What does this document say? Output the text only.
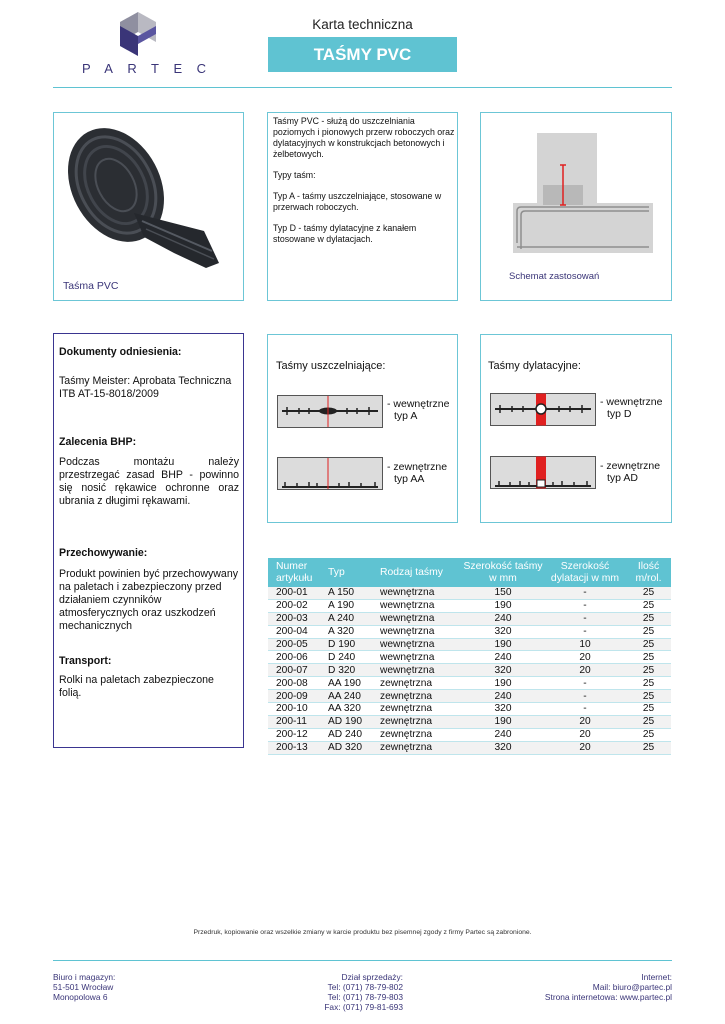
PARTEC
Karta techniczna
TAŚMY PVC
Taśma PVC

Taśmy PVC - służą do uszczelniania poziomych i pionowych przerw roboczych oraz dylatacyjnych w konstrukcjach betonowych i żelbetowych.

Typy taśm:

Typ A - taśmy uszczelniające, stosowane w przerwach roboczych.

Typ D - taśmy dylatacyjne z kanałem stosowane w dylatacjach.

Schemat zastosowań
Dokumenty odniesienia:
Taśmy Meister: Aprobata Techniczna ITB AT-15-8018/2009
Zalecenia BHP:
Podczas montażu należy przestrzegać zasad BHP - powinno się nosić rękawice ochronne oraz ubrania z długimi rękawami.
Przechowywanie:
Produkt powinien być przechowywany na paletach i zabezpieczony przed działaniem czynników atmosferycznych oraz uszkodzeń mechanicznych
Transport:
Rolki na paletach zabezpieczone folią.
Taśmy uszczelniające:
- wewnętrzne
typ A
- zewnętrzne
typ AA
Taśmy dylatacyjne:
- wewnętrzne
typ D
- zewnętrzne
typ AD
Numer artykułu	Typ	Rodzaj taśmy	Szerokość taśmy w mm	Szerokość dylatacji w mm	Ilość m/rol.
200-01	A 150	wewnętrzna	150	-	25
200-02	A 190	wewnętrzna	190	-	25
200-03	A 240	wewnętrzna	240	-	25
200-04	A 320	wewnętrzna	320	-	25
200-05	D 190	wewnętrzna	190	10	25
200-06	D 240	wewnętrzna	240	20	25
200-07	D 320	wewnętrzna	320	20	25
200-08	AA 190	zewnętrzna	190	-	25
200-09	AA 240	zewnętrzna	240	-	25
200-10	AA 320	zewnętrzna	320	-	25
200-11	AD 190	zewnętrzna	190	20	25
200-12	AD 240	zewnętrzna	240	20	25
200-13	AD 320	zewnętrzna	320	20	25
Przedruk, kopiowanie oraz wszelkie zmiany w karcie produktu bez pisemnej zgody z firmy Partec są zabronione.
Biuro i magazyn:
51-501 Wrocław
Monopolowa 6
Dział sprzedaży:
Tel: (071) 78-79-802
Tel: (071) 78-79-803
Fax: (071) 79-81-693
Internet:
Mail: biuro@partec.pl
Strona internetowa: www.partec.pl
